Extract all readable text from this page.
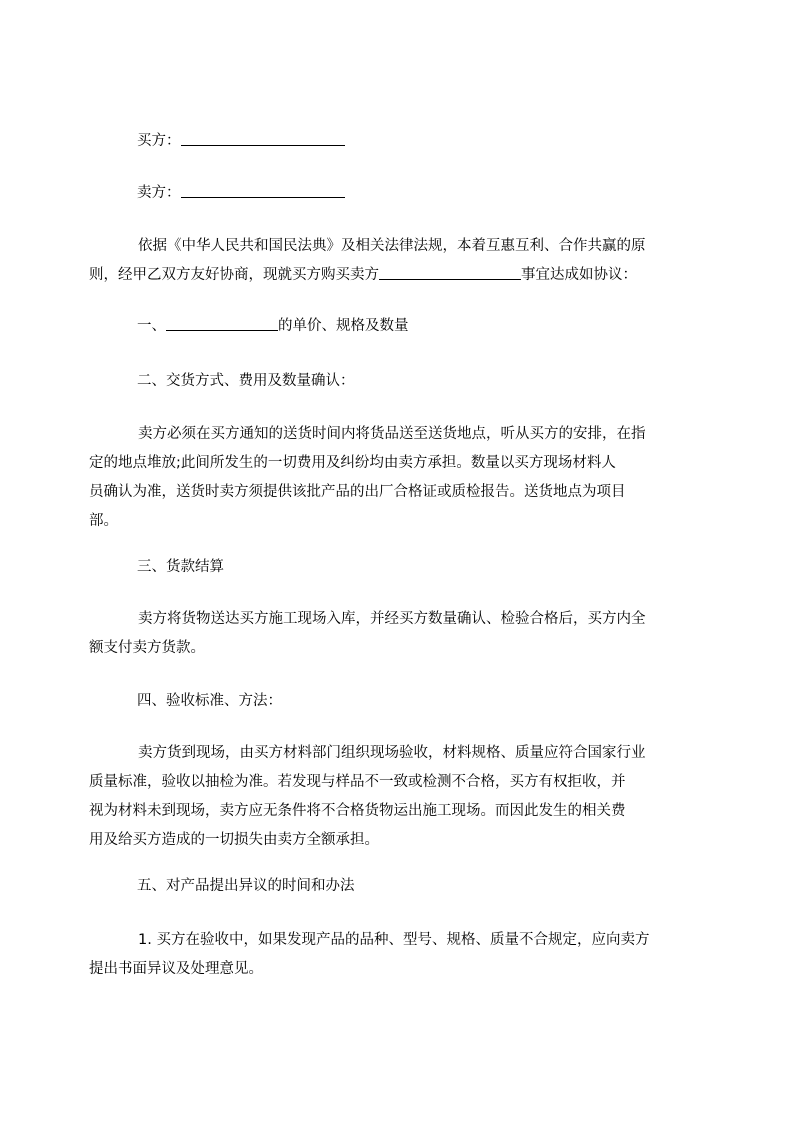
买方：
卖方：
依据《中华人民共和国民法典》及相关法律法规，本着互惠互利、合作共赢的原
则，经甲乙双方友好协商，现就买方购买卖方	事宜达成如协议：
一、	的单价、规格及数量
二、交货方式、费用及数量确认：
卖方必须在买方通知的送货时间内将货品送至送货地点，听从买方的安排，在指
定的地点堆放;此间所发生的一切费用及纠纷均由卖方承担。数量以买方现场材料人
员确认为准，送货时卖方须提供该批产品的出厂合格证或质检报告。送货地点为项目
部。
三、货款结算
卖方将货物送达买方施工现场入库，并经买方数量确认、检验合格后，买方内全
额支付卖方货款。
四、验收标准、方法：
卖方货到现场，由买方材料部门组织现场验收，材料规格、质量应符合国家行业
质量标准，验收以抽检为准。若发现与样品不一致或检测不合格，买方有权拒收，并
视为材料未到现场，卖方应无条件将不合格货物运出施工现场。而因此发生的相关费
用及给买方造成的一切损失由卖方全额承担。
五、对产品提出异议的时间和办法
1. 买方在验收中，如果发现产品的品种、型号、规格、质量不合规定，应向卖方
提出书面异议及处理意见。
